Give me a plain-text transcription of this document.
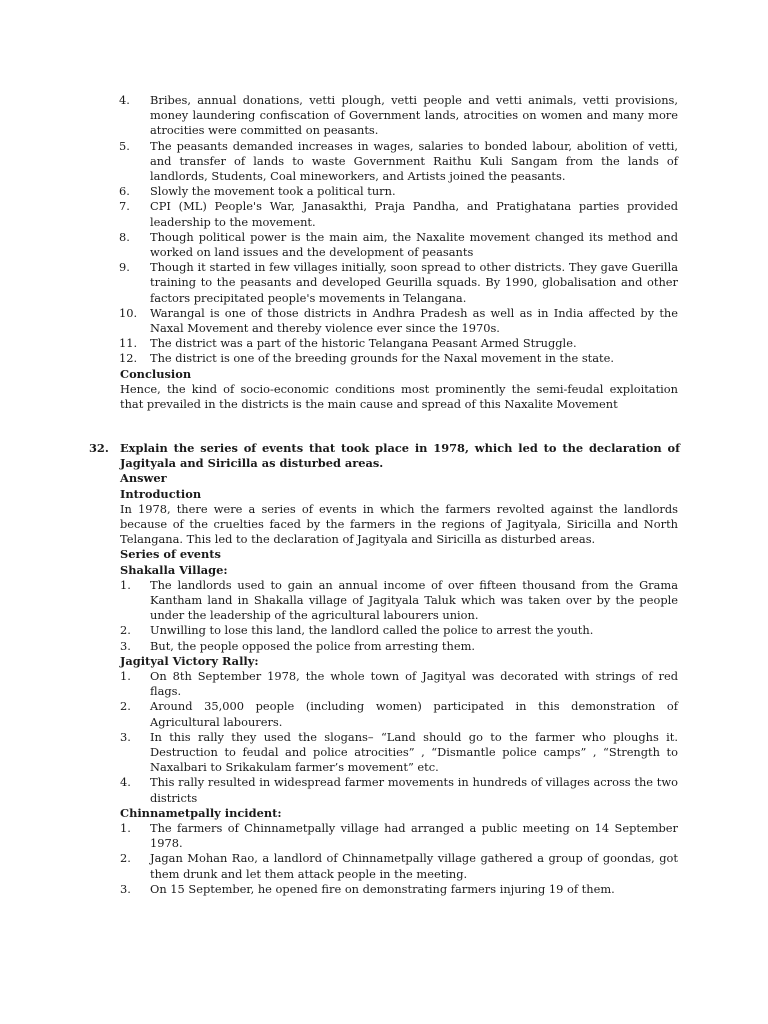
4. Bribes, annual donations, vetti plough, vetti people and vetti animals, vetti provisions, money laundering confiscation of Government lands, atrocities on women and many more atrocities were committed on peasants.
5. The peasants demanded increases in wages, salaries to bonded labour, abolition of vetti, and transfer of lands to waste Government Raithu Kuli Sangam from the lands of landlords, Students, Coal mineworkers, and Artists joined the peasants.
6. Slowly the movement took a political turn.
7. CPI (ML) People's War, Janasakthi, Praja Pandha, and Pratighatana parties provided leadership to the movement.
8. Though political power is the main aim, the Naxalite movement changed its method and worked on land issues and the development of peasants
9. Though it started in few villages initially, soon spread to other districts. They gave Guerilla training to the peasants and developed Geurilla squads. By 1990, globalisation and other factors precipitated people's movements in Telangana.
10. Warangal is one of those districts in Andhra Pradesh as well as in India affected by the Naxal Movement and thereby violence ever since the 1970s.
11. The district was a part of the historic Telangana Peasant Armed Struggle.
12. The district is one of the breeding grounds for the Naxal movement in the state.
Conclusion
Hence, the kind of socio-economic conditions most prominently the semi-feudal exploitation that prevailed in the districts is the main cause and spread of this Naxalite Movement
32. Explain the series of events that took place in 1978, which led to the declaration of Jagityala and Siricilla as disturbed areas.
Answer
Introduction
In 1978, there were a series of events in which the farmers revolted against the landlords because of the cruelties faced by the farmers in the regions of Jagityala, Siricilla and North Telangana. This led to the declaration of Jagityala and Siricilla as disturbed areas.
Series of events
Shakalla Village:
1. The landlords used to gain an annual income of over fifteen thousand from the Grama Kantham land in Shakalla village of Jagityala Taluk which was taken over by the people under the leadership of the agricultural labourers union.
2. Unwilling to lose this land, the landlord called the police to arrest the youth.
3. But, the people opposed the police from arresting them.
Jagityal Victory Rally:
1. On 8th September 1978, the whole town of Jagityal was decorated with strings of red flags.
2. Around 35,000 people (including women) participated in this demonstration of Agricultural labourers.
3. In this rally they used the slogans– “Land should go to the farmer who ploughs it. Destruction to feudal and police atrocities” , “Dismantle police camps” , “Strength to Naxalbari to Srikakulam farmer’s movement” etc.
4. This rally resulted in widespread farmer movements in hundreds of villages across the two districts
Chinnametpally incident:
1. The farmers of Chinnametpally village had arranged a public meeting on 14 September 1978.
2. Jagan Mohan Rao, a landlord of Chinnametpally village gathered a group of goondas, got them drunk and let them attack people in the meeting.
3. On 15 September, he opened fire on demonstrating farmers injuring 19 of them.
